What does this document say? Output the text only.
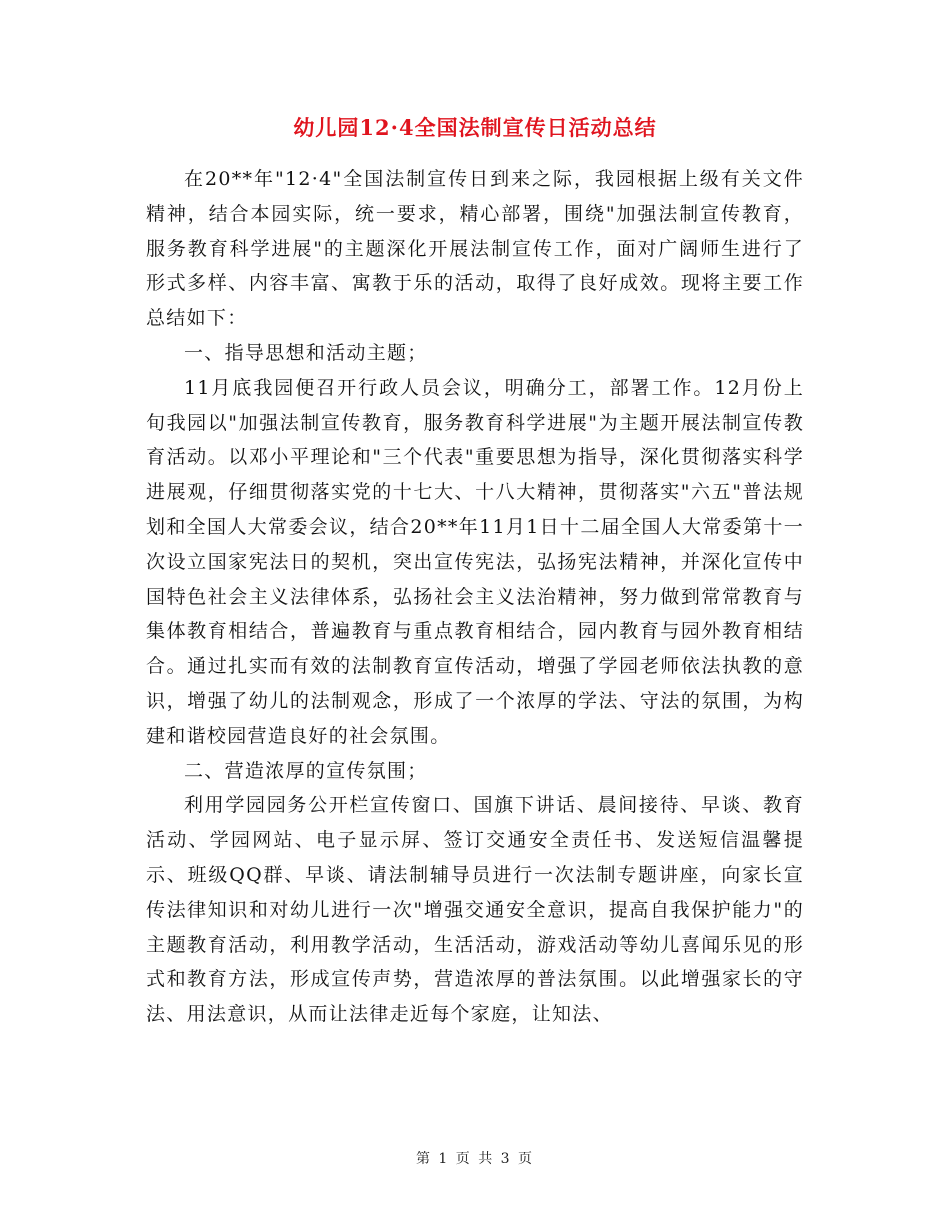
幼儿园12·4全国法制宣传日活动总结

在20**年"12·4"全国法制宣传日到来之际，我园根据上级有关文件精神，结合本园实际，统一要求，精心部署，围绕"加强法制宣传教育，服务教育科学进展"的主题深化开展法制宣传工作，面对广阔师生进行了形式多样、内容丰富、寓教于乐的活动，取得了良好成效。现将主要工作总结如下：

一、指导思想和活动主题；

11月底我园便召开行政人员会议，明确分工，部署工作。12月份上旬我园以"加强法制宣传教育，服务教育科学进展"为主题开展法制宣传教育活动。以邓小平理论和"三个代表"重要思想为指导，深化贯彻落实科学进展观，仔细贯彻落实党的十七大、十八大精神，贯彻落实"六五"普法规划和全国人大常委会议，结合20**年11月1日十二届全国人大常委第十一次设立国家宪法日的契机，突出宣传宪法，弘扬宪法精神，并深化宣传中国特色社会主义法律体系，弘扬社会主义法治精神，努力做到常常教育与集体教育相结合，普遍教育与重点教育相结合，园内教育与园外教育相结合。通过扎实而有效的法制教育宣传活动，增强了学园老师依法执教的意识，增强了幼儿的法制观念，形成了一个浓厚的学法、守法的氛围，为构建和谐校园营造良好的社会氛围。

二、营造浓厚的宣传氛围；

利用学园园务公开栏宣传窗口、国旗下讲话、晨间接待、早谈、教育活动、学园网站、电子显示屏、签订交通安全责任书、发送短信温馨提示、班级QQ群、早谈、请法制辅导员进行一次法制专题讲座，向家长宣传法律知识和对幼儿进行一次"增强交通安全意识，提高自我保护能力"的主题教育活动，利用教学活动，生活活动，游戏活动等幼儿喜闻乐见的形式和教育方法，形成宣传声势，营造浓厚的普法氛围。以此增强家长的守法、用法意识，从而让法律走近每个家庭，让知法、

第 1 页 共 3 页
